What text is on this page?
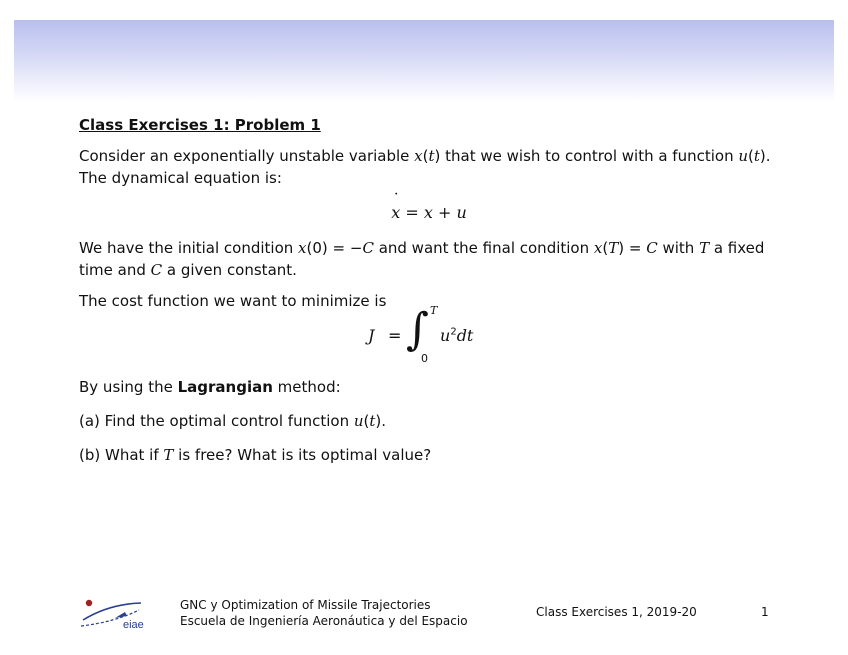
Class Exercises 1: Problem 1

Consider an exponentially unstable variable x(t) that we wish to control with a function u(t). The dynamical equation is:

˙ x = x + u

We have the initial condition x(0) = −C and want the final condition x(T) = C with T a fixed time and C a given constant.

The cost function we want to minimize is

J = ∫ T
0
$u^2dt$

By using the Lagrangian method:

(a) Find the optimal control function u(t).

(b) What if T is free? What is its optimal value?

eiae
GNC y Optimization of Missile Trajectories
Escuela de Ingeniería Aeronáutica y del Espacio
Class Exercises 1, 2019-20	1
